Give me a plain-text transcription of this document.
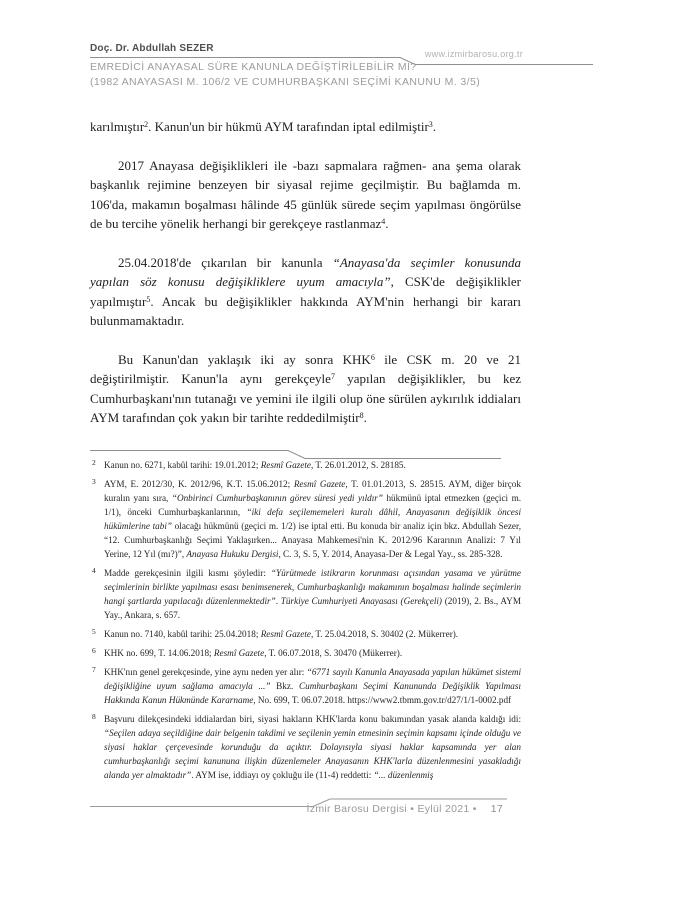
Doç. Dr. Abdullah SEZER	www.izmirbarosu.org.tr
EMREDİCİ ANAYASAL SÜRE KANUNLA DEĞİŞTİRİLEBİLİR Mİ?
(1982 ANAYASASI M. 106/2 VE CUMHURBAŞKANI SEÇİMİ KANUNU M. 3/5)

karılmıştır$^2$. Kanun'un bir hükmü AYM tarafından iptal edilmiştir$^3$.

2017 Anayasa değişiklikleri ile -bazı sapmalara rağmen- ana şema olarak başkanlık rejimine benzeyen bir siyasal rejime geçilmiştir. Bu bağlamda m. 106'da, makamın boşalması hâlinde 45 günlük sürede seçim yapılması öngörülse de bu tercihe yönelik herhangi bir gerekçeye rastlanmaz$^4$.

25.04.2018'de çıkarılan bir kanunla “Anayasa'da seçimler konusunda yapılan söz konusu değişikliklere uyum amacıyla”, CSK'de değişiklikler yapılmıştır$^5$. Ancak bu değişiklikler hakkında AYM'nin herhangi bir kararı bulunmamaktadır.

Bu Kanun'dan yaklaşık iki ay sonra KHK$^6$ ile CSK m. 20 ve 21 değiştirilmiştir. Kanun'la aynı gerekçeyle$^7$ yapılan değişiklikler, bu kez Cumhurbaşkanı'nın tutanağı ve yemini ile ilgili olup öne sürülen aykırılık iddiaları AYM tarafından çok yakın bir tarihte reddedilmiştir$^8$.

2 Kanun no. 6271, kabûl tarihi: 19.01.2012; Resmî Gazete, T. 26.01.2012, S. 28185.
3 AYM, E. 2012/30, K. 2012/96, K.T. 15.06.2012; Resmî Gazete, T. 01.01.2013, S. 28515. AYM, diğer birçok kuralın yanı sıra, “Onbirinci Cumhurbaşkanının görev süresi yedi yıldır” hükmünü iptal etmezken (geçici m. 1/1), önceki Cumhurbaşkanlarının, “iki defa seçilememeleri kuralı dâhil, Anayasanın değişiklik öncesi hükümlerine tabi” olacağı hükmünü (geçici m. 1/2) ise iptal etti. Bu konuda bir analiz için bkz. Abdullah Sezer, “12. Cumhurbaşkanlığı Seçimi Yaklaşırken... Anayasa Mahkemesi'nin K. 2012/96 Kararının Analizi: 7 Yıl Yerine, 12 Yıl (mı?)”, Anayasa Hukuku Dergisi, C. 3, S. 5, Y. 2014, Anayasa-Der & Legal Yay., ss. 285-328.
4 Madde gerekçesinin ilgili kısmı şöyledir: “Yürütmede istikrarın korunması açısından yasama ve yürütme seçimlerinin birlikte yapılması esası benimsenerek, Cumhurbaşkanlığı makamının boşalması halinde seçimlerin hangi şartlarda yapılacağı düzenlenmektedir”. Türkiye Cumhuriyeti Anayasası (Gerekçeli) (2019), 2. Bs., AYM Yay., Ankara, s. 657.
5 Kanun no. 7140, kabûl tarihi: 25.04.2018; Resmî Gazete, T. 25.04.2018, S. 30402 (2. Mükerrer).
6 KHK no. 699, T. 14.06.2018; Resmî Gazete, T. 06.07.2018, S. 30470 (Mükerrer).
7 KHK'nın genel gerekçesinde, yine aynı neden yer alır: “6771 sayılı Kanunla Anayasada yapılan hükümet sistemi değişikliğine uyum sağlama amacıyla ...” Bkz. Cumhurbaşkanı Seçimi Kanununda Değişiklik Yapılması Hakkında Kanun Hükmünde Kararname, No. 699, T. 06.07.2018. https://www2.tbmm.gov.tr/d27/1/1-0002.pdf
8 Başvuru dilekçesindeki iddialardan biri, siyasi hakların KHK'larda konu bakımından yasak alanda kaldığı idi: “Seçilen adaya seçildiğine dair belgenin takdimi ve seçilenin yemin etmesinin seçimin kapsamı içinde olduğu ve siyasi haklar çerçevesinde korunduğu da açıktır. Dolayısıyla siyasi haklar kapsamında yer alan cumhurbaşkanlığı seçimi kanununa ilişkin düzenlemeler Anayasanın KHK'larla düzenlenmesini yasakladığı alanda yer almaktadır”. AYM ise, iddiayı oy çokluğu ile (11-4) reddetti: “... düzenlenmiş
İzmir Barosu Dergisi • Eylül 2021 • 17
